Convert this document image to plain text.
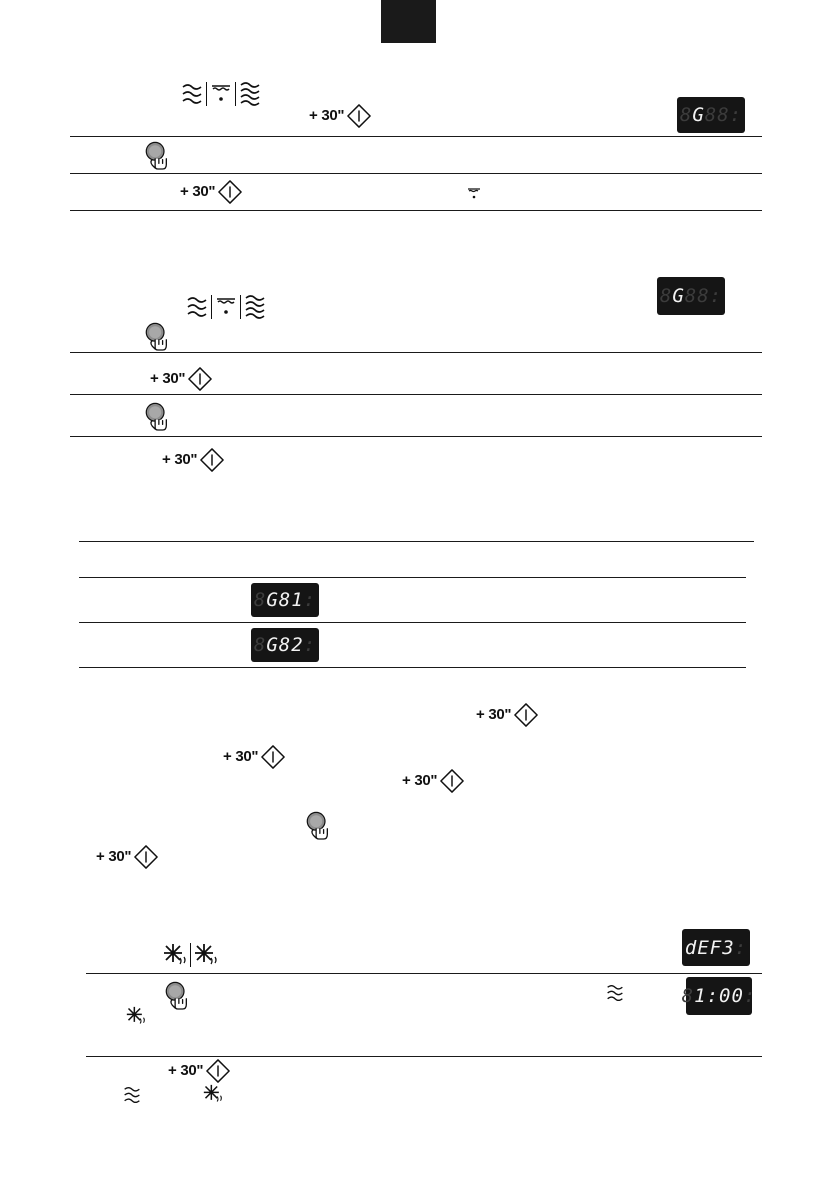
+ 30"	8 G 88 :
+ 30"
8 G 88 :
+ 30"
+ 30"
8 G 81 :
8 G 82 :
+ 30"
+ 30"
+ 30"
+ 30"
dEF3 :
8 1:00 :
+ 30"
